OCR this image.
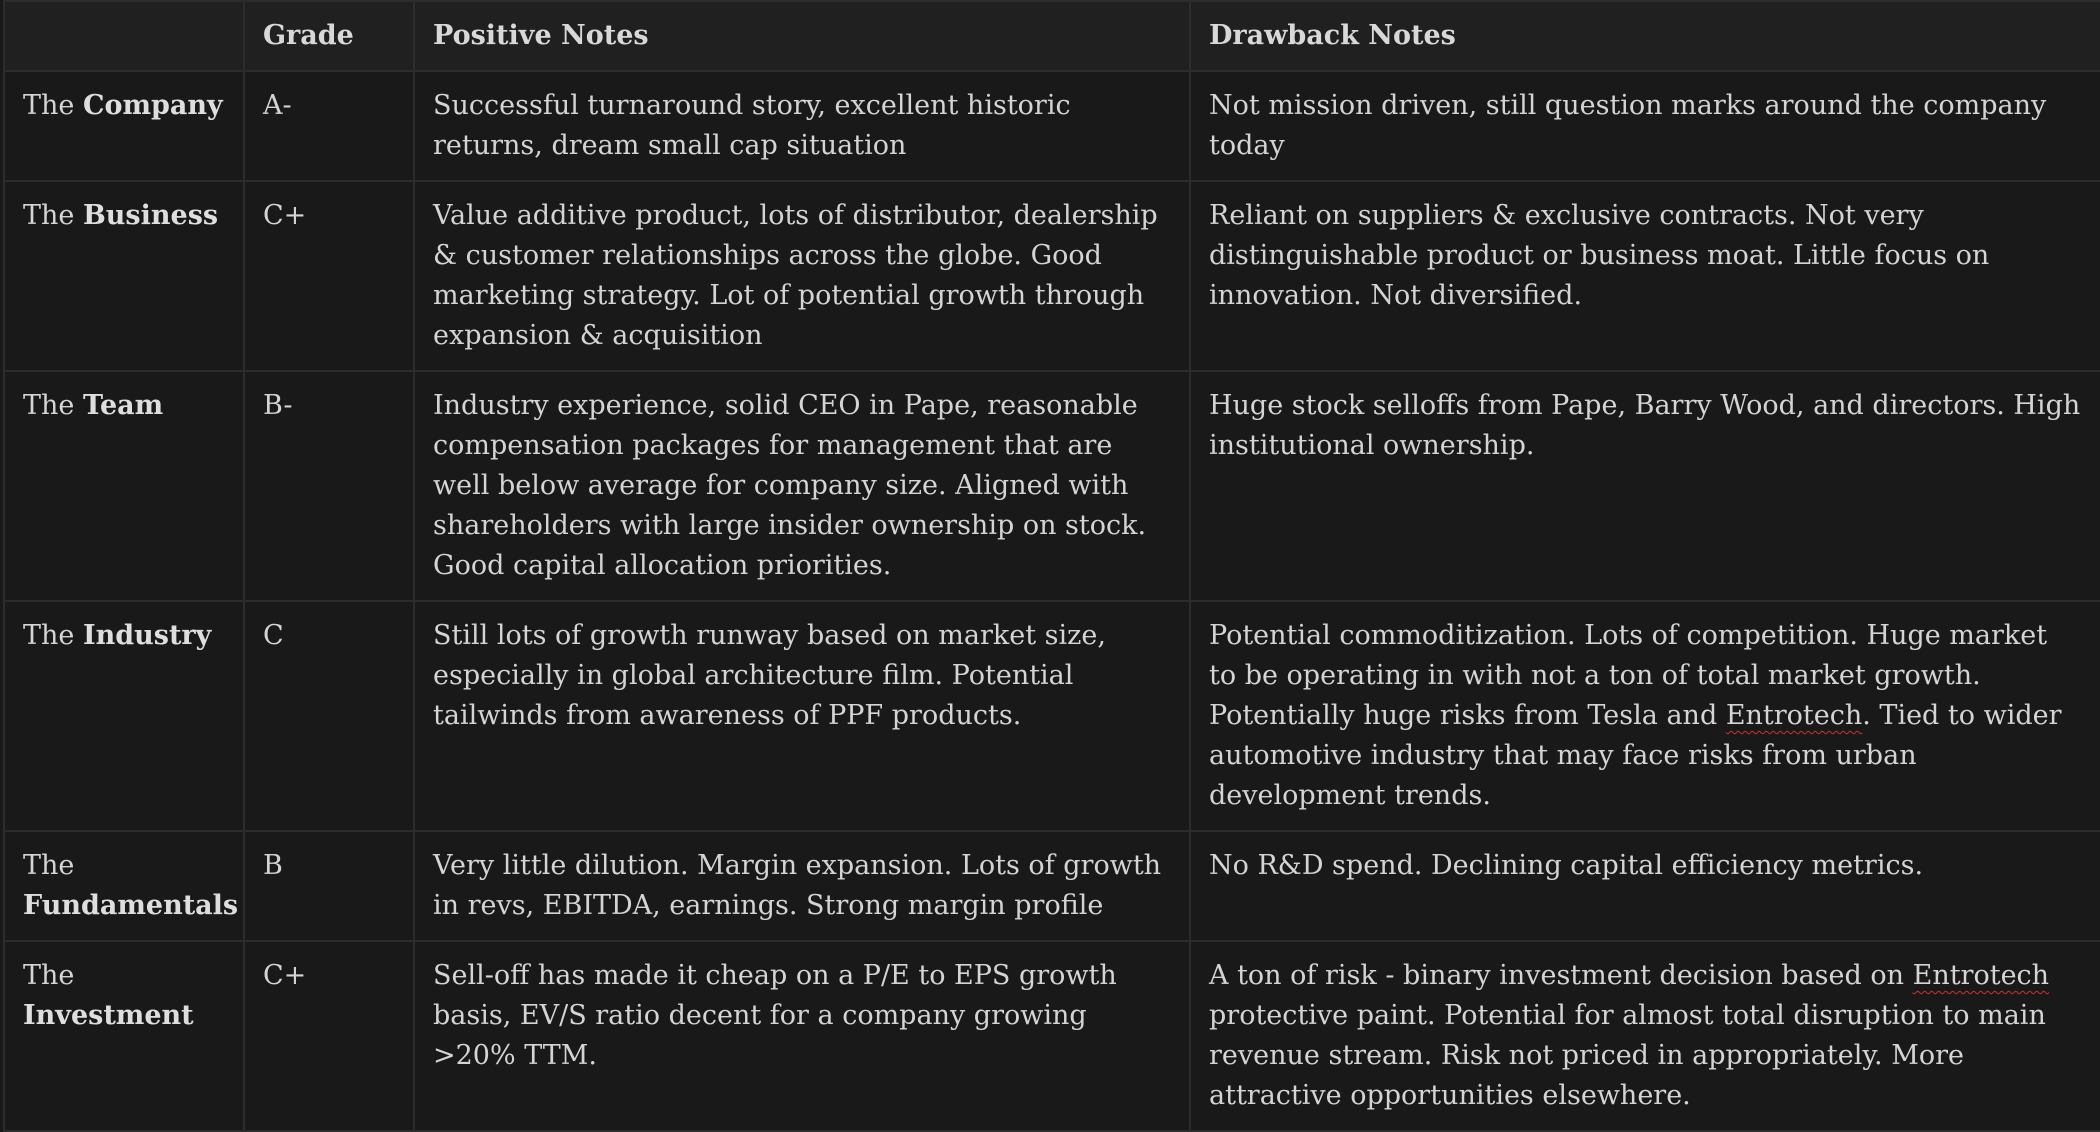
	Grade	Positive Notes	Drawback Notes
The Company	A-	Successful turnaround story, excellent historic returns, dream small cap situation	Not mission driven, still question marks around the company today
The Business	C+	Value additive product, lots of distributor, dealership & customer relationships across the globe. Good marketing strategy. Lot of potential growth through expansion & acquisition	Reliant on suppliers & exclusive contracts. Not very distinguishable product or business moat. Little focus on innovation. Not diversified.
The Team	B-	Industry experience, solid CEO in Pape, reasonable compensation packages for management that are well below average for company size. Aligned with shareholders with large insider ownership on stock. Good capital allocation priorities.	Huge stock selloffs from Pape, Barry Wood, and directors. High institutional ownership.
The Industry	C	Still lots of growth runway based on market size, especially in global architecture film. Potential tailwinds from awareness of PPF products.	Potential commoditization. Lots of competition. Huge market to be operating in with not a ton of total market growth. Potentially huge risks from Tesla and Entrotech. Tied to wider automotive industry that may face risks from urban development trends.
The Fundamentals	B	Very little dilution. Margin expansion. Lots of growth in revs, EBITDA, earnings. Strong margin profile	No R&D spend. Declining capital efficiency metrics.
The Investment	C+	Sell-off has made it cheap on a P/E to EPS growth basis, EV/S ratio decent for a company growing >20% TTM.	A ton of risk - binary investment decision based on Entrotech protective paint. Potential for almost total disruption to main revenue stream. Risk not priced in appropriately. More attractive opportunities elsewhere.
